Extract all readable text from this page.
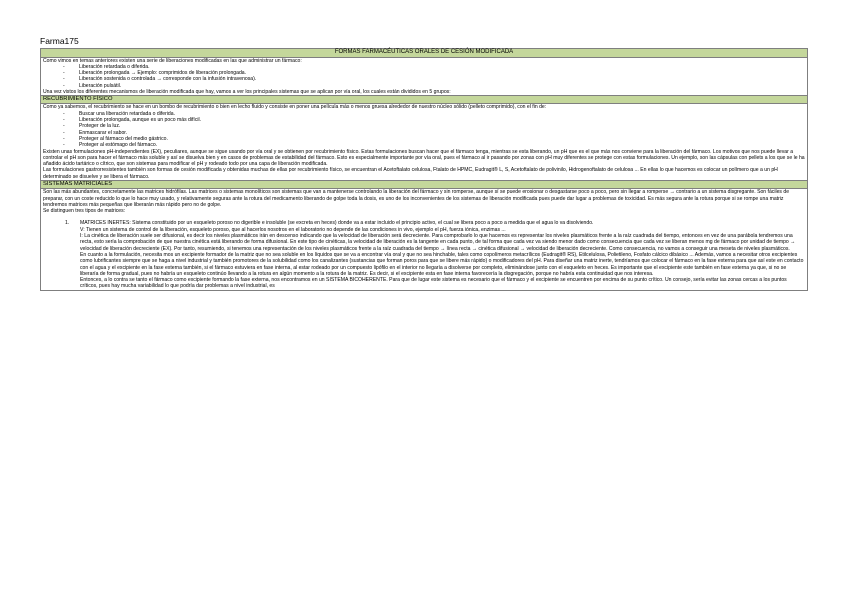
Farma175
FORMAS FARMACÉUTICAS ORALES DE CESIÓN MODIFICADA

Como vimos en temas anteriores existen una serie de liberaciones modificadas en las que administrar un fármaco:

- Liberación retardada o diferida.

- Liberación prolongada → Ejemplo: comprimidos de liberación prolongada.

- Liberación sostenida o controlada → corresponde con la infusión intravenosa).

- Liberación pulsátil.

Una vez vistos los diferentes mecanismos de liberación modificada que hay, vamos a ver los principales sistemas que se aplican por vía oral, los cuales están divididos en 5 grupos:

RECUBRIMIENTO FÍSICO

Como ya sabemos, el recubrimiento se hace en un bombo de recubrimiento o bien en lecho fluido y consiste en poner una película más o menos gruesa alrededor de nuestro núcleo sólido (pelleto comprimido), con el fin de:

- Buscar una liberación retardada o diferida.

- Liberación prolongada, aunque es un poco más difícil.

- Proteger de la luz.

- Enmascarar el sabor.

- Proteger al fármaco del medio gástrico.

- Proteger al estómago del fármaco.

Existen unas formulaciones pH-independientes (EX), peculiares, aunque se sigue usando por vía oral y se obtienen por recubrimiento físico. Estas formulaciones buscan hacer que el fármaco tenga, mientras se esta liberando, un pH que es el que más nos conviene para la liberación del fármaco. Los motivos que nos puede llevar a controlar el pH son para hacer el fármaco más soluble y así se disuelva bien y en casos de problemas de estabilidad del fármaco. Esto es especialmente importante por vía oral, pues el fármaco al ir pasando por zonas con pH muy diferentes se protege con estas formulaciones. Un ejemplo, son las cápsulas con pellets a los que se le ha añadido ácido tartárico o cítrico, que son sistemas para modificar el pH y rodeado todo por una capa de liberación modificada.

Las formulaciones gastrorresistentes también son formas de cesión modificada y obtenidas muchas de ellas por recubrimiento físico, se encuentran el Acetoftalato celulosa, Ftalato de HPMC, Eudragit® L, S, Acetoftalato de polivinilo, Hidrogenoftalato de celulosa ... En ellas lo que hacemos es colocar un polímero que a un pH determinado se disuelve y se libera el fármaco.

SISTEMAS MATRICIALES

Son las más abundantes, concretamente las matrices hidrófilas. Las matrices o sistemas monolíticos son sistemas que van a mantenerse controlando la liberación del fármaco y sin romperse, aunque sí se puede erosionar o desgastarse poco a poco, pero sin llegar a romperse → contrario a un sistema disgregante. Son fáciles de preparar, con un coste reducido lo que lo hace muy usado, y relativamente seguras ante la rotura del medicamento liberando de golpe toda la dosis, es uno de los inconvenientes de los sistemas de liberación modificada pues puede dar lugar a problemas de toxicidad. Es más segura ante la rotura porque si se rompe una matriz tendremos matrices más pequeñas que liberarán más rápido pero no de golpe.

Se distinguen tres tipos de matrices:

1. MATRICES INERTES: Sistema constituido por un esqueleto poroso no digerible e insoluble (se excreta en heces) donde va a estar incluido el principio activo, el cual se libera poco a poco a medida que el agua lo va disolviendo.

V: Tienen un sistema de control de la liberación, esqueleto poroso, que al hacerlos nosotros en el laboratorio no depende de las condiciones in vivo, ejemplo el pH, fuerza iónica, enzimas ...

I: La cinética de liberación suele ser difusional, es decir los niveles plasmáticos irán en descenso indicando que la velocidad de liberación será decreciente. Para comprobarlo lo que hacemos es representar los niveles plasmáticos frente a la raíz cuadrada del tiempo, entonces en vez de una parábola tendremos una recta, esto sería la comprobación de que nuestra cinética está liberando de forma difusional. En este tipo de cinéticas, la velocidad de liberación es la tangente en cada punto, de tal forma que cada vez va siendo menor dado como consecuencia que cada vez se liberan menos mg de fármaco por unidad de tiempo → velocidad de liberación decreciente (EX). Por tanto, resumiendo, si tenemos una representación de los niveles plasmáticos frente a la raíz cuadrada del tiempo → línea recta → cinética difusional → velocidad de liberación decreciente. Como consecuencia, no vamos a conseguir una meseta de niveles plasmáticos.

En cuanto a la formulación, necesita mos un excipiente formador de la matriz que no sea soluble en los líquidos que se va a encontrar vía oral y que no sea hinchable, tales como copolímeros metacrílicos (Eudragit® RS), Etilcelulosa, Polietileno, Fosfato cálcico dibásico ... Además, vamos a necesitar otros excipientes como lubrificantes siempre que se haga a nivel industrial y también promotores de la solubilidad como los canalizantes (sustancias que forman poros para que se libere más rápido) o modificadores del pH. Para diseñar una matriz inerte, tendríamos que colocar el fármaco en la fase externa para que así este en contacto con el agua y el excipiente en la fase externa también, si el fármaco estuviera en fase interna, al estar rodeado por un compuesto lipófilo en el interior no llegaría a disolverse por completo, eliminándose junto con el esqueleto en heces. Es importante que el excipiente este también en fase externa ya que, si no se liberaría de forma gradual, pues no habría un esqueleto continúo llevando a la rotura en algún momento a la rotura de la matriz. Es decir, si el excipiente esta en fase interna favorecería la disgregación, porque no habría esta continuidad que nos interesa.

Entonces, a lo contra se tanto el fármaco como excipiente formando la fase externa, nos encontramos en un SISTEMA BICOHERENTE. Para que de lugar este sistema es necesario que el fármaco y el excipiente se encuentren por encima de su punto crítico. Un consejo, sería evitar las zonas cercas a los puntos críticos, pues hay mucha variabilidad lo que podría dar problemas a nivel industrial, es
